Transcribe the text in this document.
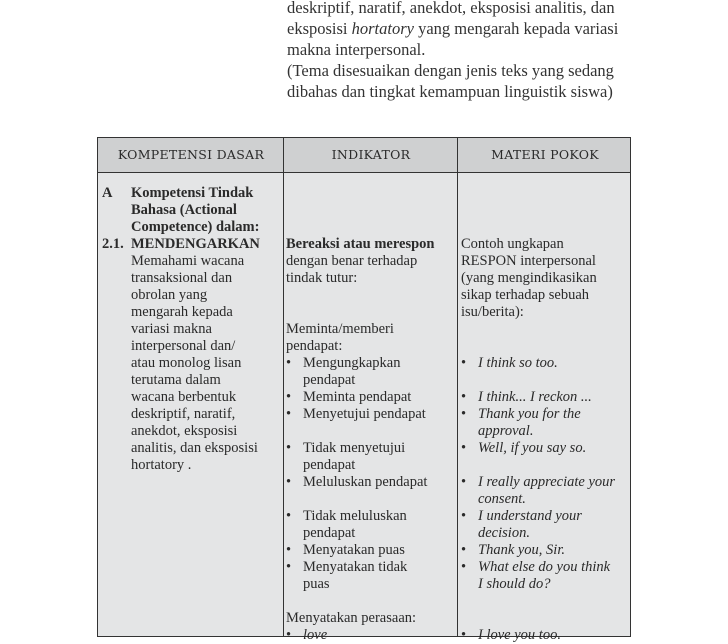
deskriptif, naratif, anekdot, eksposisi analitis, dan
eksposisi hortatory yang mengarah kepada variasi
makna interpersonal.
(Tema disesuaikan dengan jenis teks yang sedang
dibahas dan tingkat kemampuan linguistik siswa)
KOMPETENSI DASAR	INDIKATOR	MATERI POKOK
A Kompetensi Tindak
Bahasa (Actional
Competence) dalam:
2.1. MENDENGARKAN
Memahami wacana
transaksional dan
obrolan yang
mengarah kepada
variasi makna
interpersonal dan/
atau monolog lisan
terutama dalam
wacana berbentuk
deskriptif, naratif,
anekdot, eksposisi
analitis, dan eksposisi
hortatory .
Bereaksi atau merespon
dengan benar terhadap
tindak tutur:
Meminta/memberi
pendapat:
• Mengungkapkan
pendapat
• Meminta pendapat
• Menyetujui pendapat
• Tidak menyetujui
pendapat
• Meluluskan pendapat
• Tidak meluluskan
pendapat
• Menyatakan puas
• Menyatakan tidak
puas
Menyatakan perasaan:
• love
Contoh ungkapan
RESPON interpersonal
(yang mengindikasikan
sikap terhadap sebuah
isu/berita):
• I think so too.
• I think... I reckon ...
• Thank you for the
approval.
• Well, if you say so.
• I really appreciate your
consent.
• I understand your
decision.
• Thank you, Sir.
• What else do you think
I should do?
• I love you too.
